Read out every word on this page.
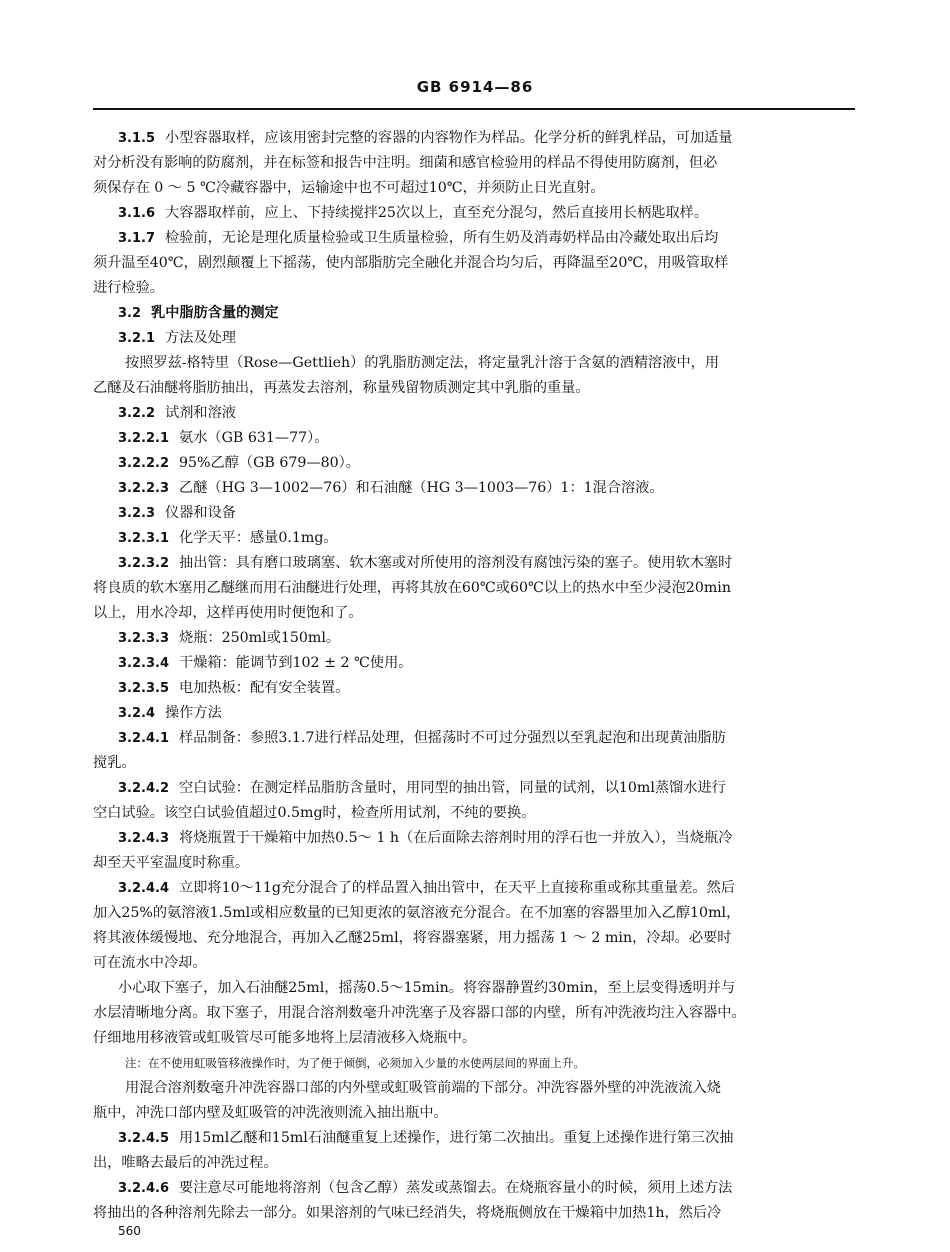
GB 6914—86
3.1.5 小型容器取样，应该用密封完整的容器的内容物作为样品。化学分析的鲜乳样品，可加适量
对分析没有影响的防腐剂，并在标签和报告中注明。细菌和感官检验用的样品不得使用防腐剂，但必
须保存在 0 ～ 5 ℃冷藏容器中，运输途中也不可超过10℃，并须防止日光直射。
3.1.6 大容器取样前，应上、下持续搅拌25次以上，直至充分混匀，然后直接用长柄匙取样。
3.1.7 检验前，无论是理化质量检验或卫生质量检验，所有生奶及消毒奶样品由冷藏处取出后均
须升温至40℃，剧烈颠覆上下摇荡，使内部脂肪完全融化并混合均匀后，再降温至20℃，用吸管取样
进行检验。
3.2 乳中脂肪含量的测定
3.2.1 方法及处理
按照罗兹-格特里（Rose—Gettlieh）的乳脂肪测定法，将定量乳汁溶于含氨的酒精溶液中，用
乙醚及石油醚将脂肪抽出，再蒸发去溶剂，称量残留物质测定其中乳脂的重量。
3.2.2 试剂和溶液
3.2.2.1 氨水（GB 631—77）。
3.2.2.2 95%乙醇（GB 679—80）。
3.2.2.3 乙醚（HG 3—1002—76）和石油醚（HG 3—1003—76）1：1混合溶液。
3.2.3 仪器和设备
3.2.3.1 化学天平：感量0.1mg。
3.2.3.2 抽出管：具有磨口玻璃塞、软木塞或对所使用的溶剂没有腐蚀污染的塞子。使用软木塞时
将良质的软木塞用乙醚继而用石油醚进行处理，再将其放在60℃或60℃以上的热水中至少浸泡20min
以上，用水冷却，这样再使用时便饱和了。
3.2.3.3 烧瓶：250ml或150ml。
3.2.3.4 干燥箱：能调节到102 ± 2 ℃使用。
3.2.3.5 电加热板：配有安全装置。
3.2.4 操作方法
3.2.4.1 样品制备：参照3.1.7进行样品处理，但摇荡时不可过分强烈以至乳起泡和出现黄油脂肪
搅乳。
3.2.4.2 空白试验：在测定样品脂肪含量时，用同型的抽出管，同量的试剂，以10ml蒸馏水进行
空白试验。该空白试验值超过0.5mg时，检查所用试剂，不纯的要换。
3.2.4.3 将烧瓶置于干燥箱中加热0.5～ 1 h（在后面除去溶剂时用的浮石也一并放入），当烧瓶冷
却至天平室温度时称重。
3.2.4.4 立即将10～11g充分混合了的样品置入抽出管中，在天平上直接称重或称其重量差。然后
加入25%的氨溶液1.5ml或相应数量的已知更浓的氨溶液充分混合。在不加塞的容器里加入乙醇10ml，
将其液体缓慢地、充分地混合，再加入乙醚25ml，将容器塞紧，用力摇荡 1 ～ 2 min，冷却。必要时
可在流水中冷却。
小心取下塞子，加入石油醚25ml，摇荡0.5～15min。将容器静置约30min，至上层变得透明并与
水层清晰地分离。取下塞子，用混合溶剂数毫升冲洗塞子及容器口部的内壁，所有冲洗液均注入容器中。
仔细地用移液管或虹吸管尽可能多地将上层清液移入烧瓶中。
注：在不使用虹吸管移液操作时，为了便于倾倒，必须加入少量的水使两层间的界面上升。
用混合溶剂数毫升冲洗容器口部的内外壁或虹吸管前端的下部分。冲洗容器外壁的冲洗液流入烧
瓶中，冲洗口部内壁及虹吸管的冲洗液则流入抽出瓶中。
3.2.4.5 用15ml乙醚和15ml石油醚重复上述操作，进行第二次抽出。重复上述操作进行第三次抽
出，唯略去最后的冲洗过程。
3.2.4.6 要注意尽可能地将溶剂（包含乙醇）蒸发或蒸馏去。在烧瓶容量小的时候，须用上述方法
将抽出的各种溶剂先除去一部分。如果溶剂的气味已经消失，将烧瓶侧放在干燥箱中加热1h，然后冷
560
